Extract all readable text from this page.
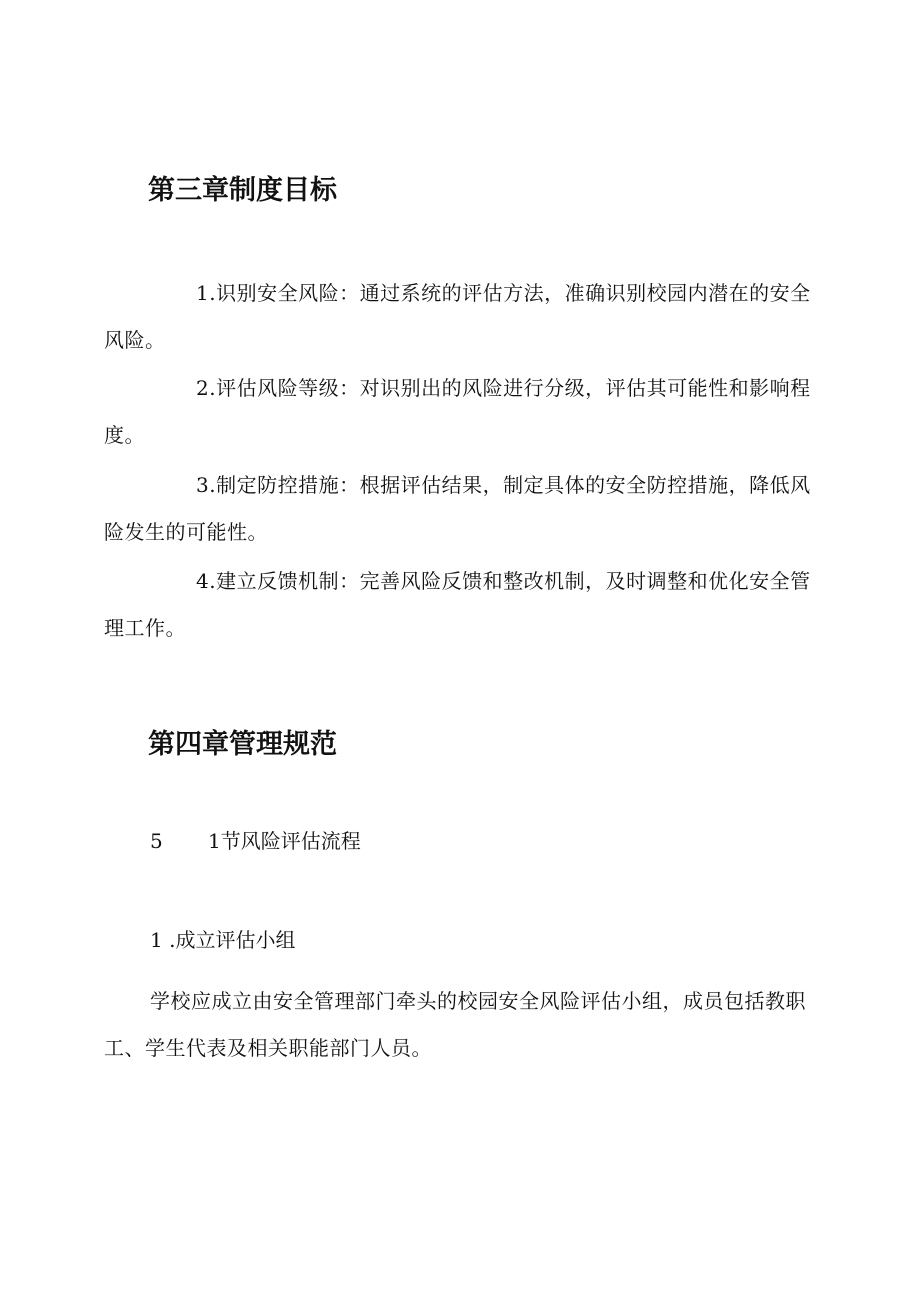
第三章制度目标

1.识别安全风险：通过系统的评估方法，准确识别校园内潜在的安全风险。

2.评估风险等级：对识别出的风险进行分级，评估其可能性和影响程度。

3.制定防控措施：根据评估结果，制定具体的安全防控措施，降低风险发生的可能性。

4.建立反馈机制：完善风险反馈和整改机制，及时调整和优化安全管理工作。

第四章管理规范

5 1节风险评估流程

1 .成立评估小组

学校应成立由安全管理部门牵头的校园安全风险评估小组，成员包括教职工、学生代表及相关职能部门人员。
